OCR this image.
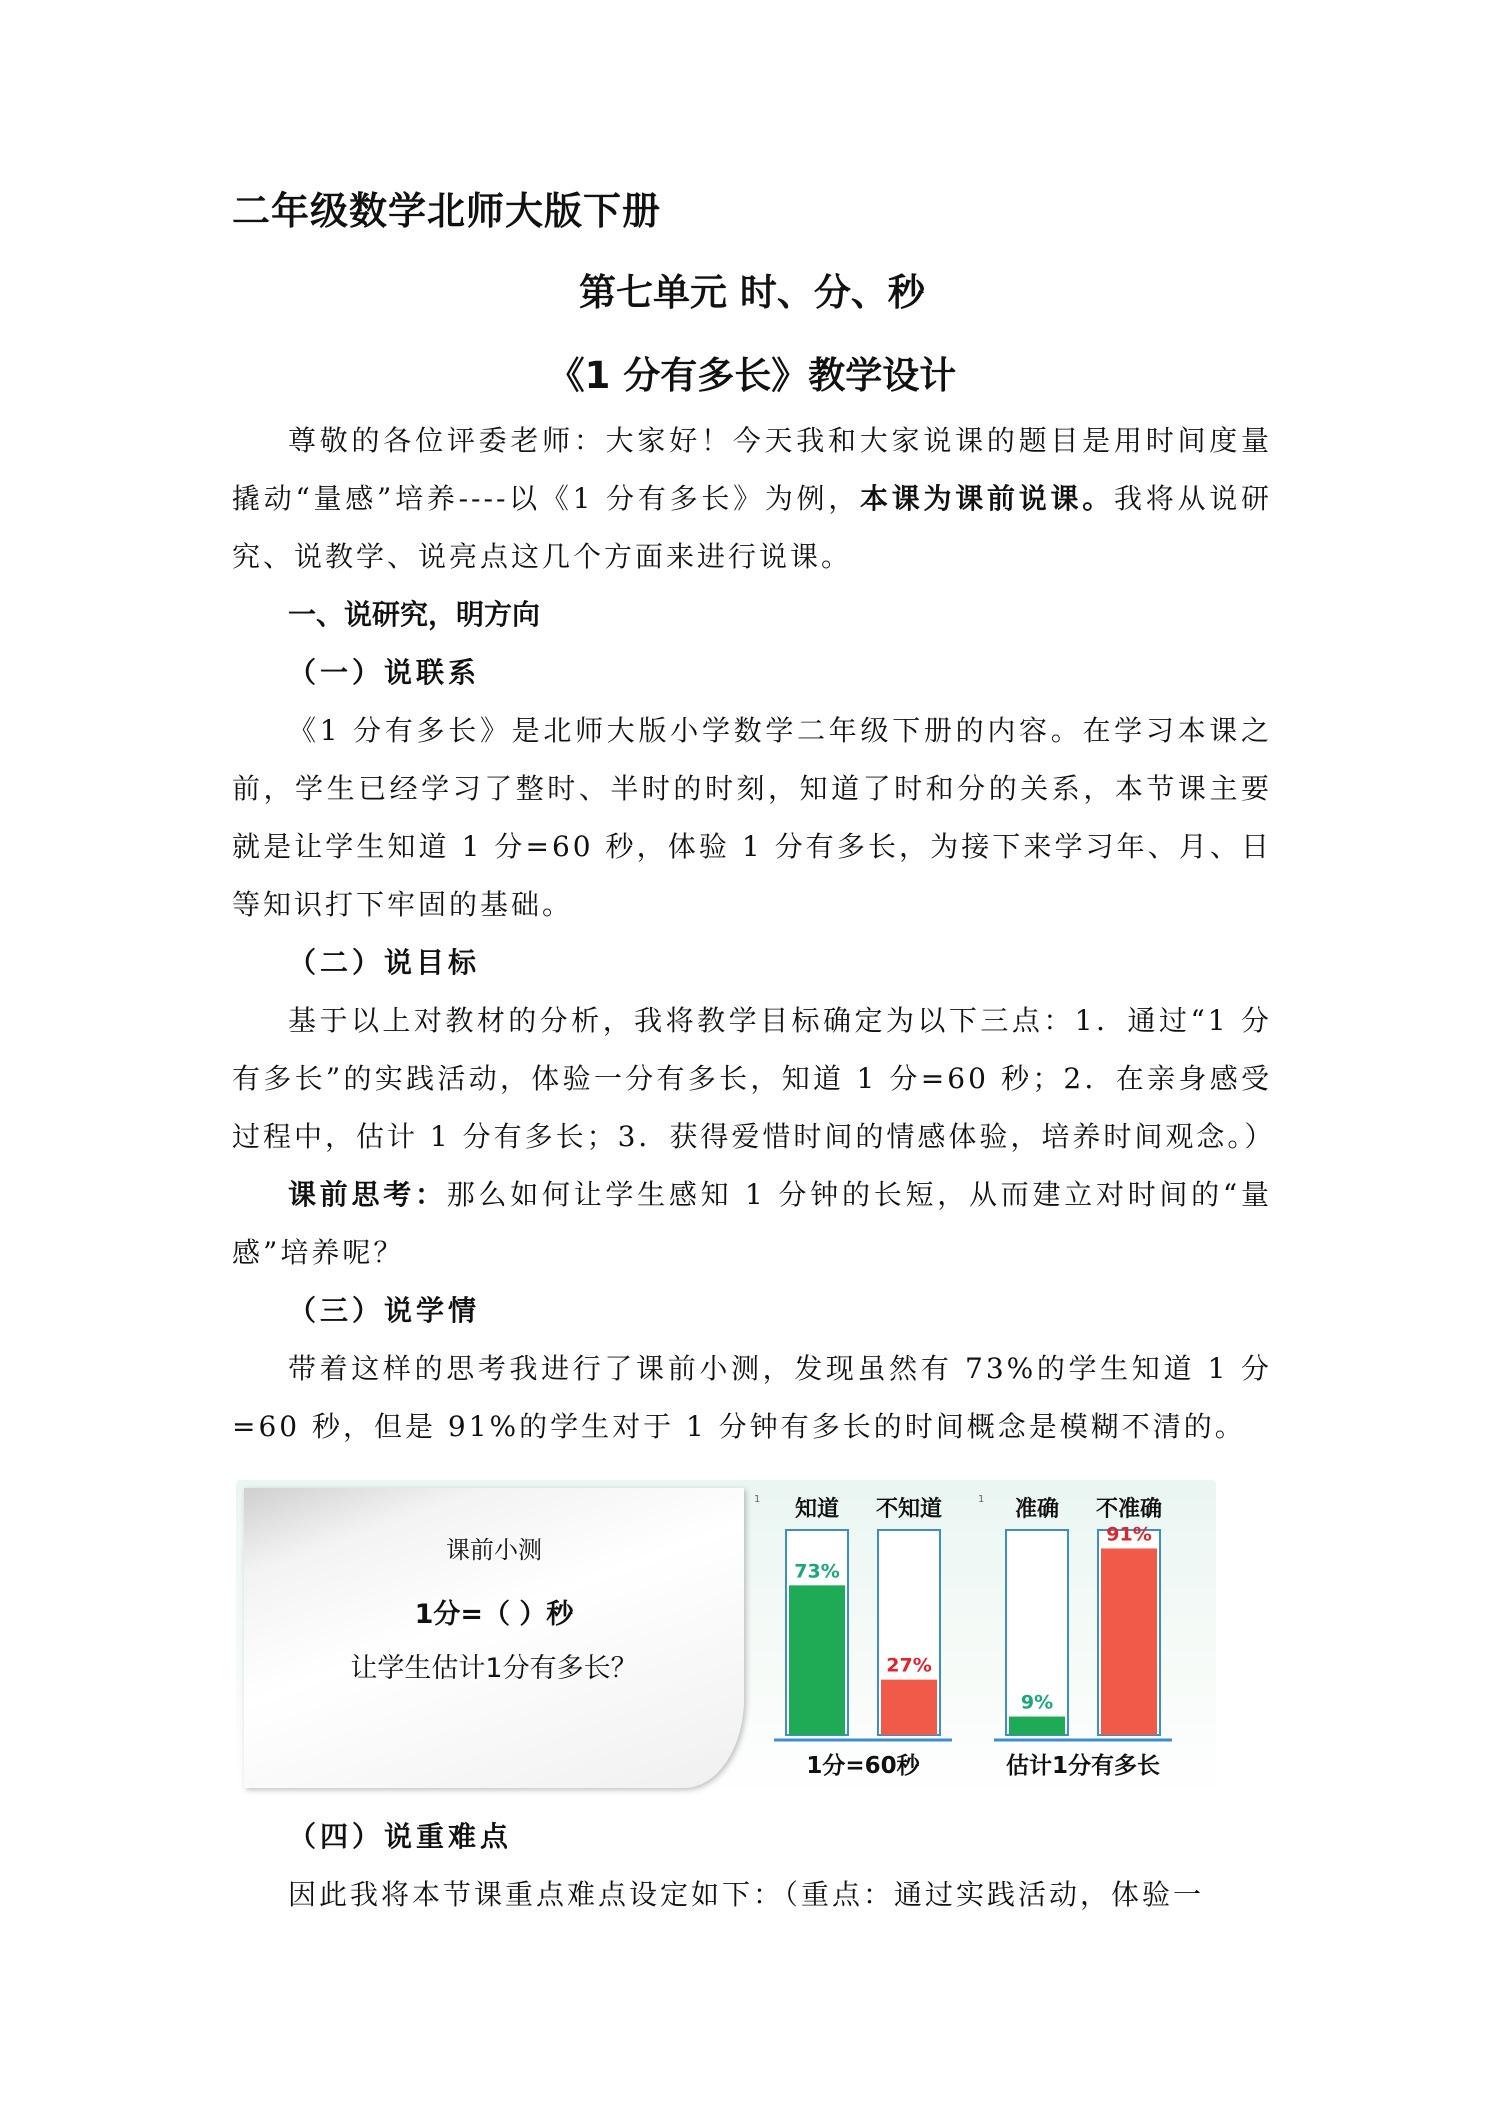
二年级数学北师大版下册
第七单元 时、分、秒
《1 分有多长》教学设计

尊敬的各位评委老师：大家好！今天我和大家说课的题目是用时间度量撬动“量感”培养----以《1 分有多长》为例，本课为课前说课。我将从说研究、说教学、说亮点这几个方面来进行说课。

一、说研究，明方向
（一）说联系

《1 分有多长》是北师大版小学数学二年级下册的内容。在学习本课之前，学生已经学习了整时、半时的时刻，知道了时和分的关系，本节课主要就是让学生知道 1 分=60 秒，体验 1 分有多长，为接下来学习年、月、日等知识打下牢固的基础。

（二）说目标

基于以上对教材的分析，我将教学目标确定为以下三点：1．通过“1 分有多长”的实践活动，体验一分有多长，知道 1 分=60 秒；2．在亲身感受过程中，估计 1 分有多长；3．获得爱惜时间的情感体验，培养时间观念。）

课前思考：那么如何让学生感知 1 分钟的长短，从而建立对时间的“量感”培养呢？

（三）说学情

带着这样的思考我进行了课前小测，发现虽然有 73%的学生知道 1 分=60 秒，但是 91%的学生对于 1 分钟有多长的时间概念是模糊不清的。

课前小测
1分=（ ）秒
让学生估计1分有多长？
1	1
知道
73%
不知道
27%
1分=60秒
准确
9%
不准确
91%
估计1分有多长
（四）说重难点

因此我将本节课重点难点设定如下：（重点：通过实践活动，体验一
